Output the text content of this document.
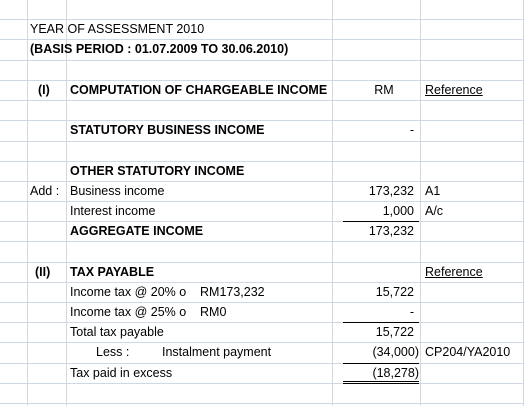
YEAR OF ASSESSMENT 2010
(BASIS PERIOD : 01.07.2009 TO 30.06.2010)
(I) COMPUTATION OF CHARGEABLE INCOME	RM	Reference
STATUTORY BUSINESS INCOME	-
OTHER STATUTORY INCOME
Add : Business income	173,232 A1
Interest income	1,000 A/c
AGGREGATE INCOME	173,232
(II) TAX PAYABLE	Reference
Income tax @ 20% o RM173,232	15,722
Income tax @ 25% o RM0	-
Total tax payable	15,722
Less :	Instalment payment	(34,000) CP204/YA2010
Tax paid in excess	(18,278)
